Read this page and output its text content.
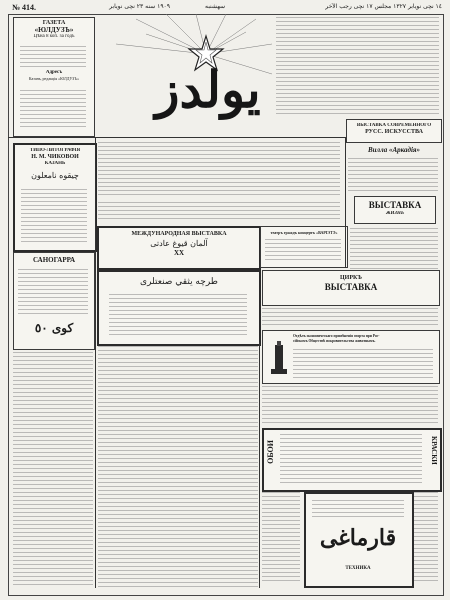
№ 414.	١٩٠٩ سنه ٢٣ نچی نويابر	سهشنبه	١٤ نچی نويابر ١٣٢٧ مجلس ١٧ نچی رجب الآخر
ГАЗЕТА
«ЮЛДУЗЪ»
Цѣна 8 коп. за годъ
Адресъ
Казань, редакція «ЮЛДУЗЪ» يولدز
ВЫСТАВКА СОВРЕМЕННОГО
РУСС. ИСКУССТВА
ТИПО-ЛИТОГРАФІЯ
Н. М. ЧИКОВОЙ
КАЗАНЬ
چیقوه نامعلون
Вилла «Аркадія»
ВЫСТАВКА
ЖИЗНЬ
МЕЖДУНАРОДНАЯ ВЫСТАВКА
آلمان قيوغ عادتی
ХХ
театръ граждъ концертъ «ВАРІЭТЭ»
САНОГАРРА
کوی ٥٠
طرچه يثقي صنعتلری	ЦИРКЪ
ВЫСТАВКА
Отдѣлъ экономическаго примѣненія спорта при Рос-
сійскомъ Обществѣ покровительства животнымъ.
ОБОИ	КРАСКИ
قارماغى
ТЕХНИКА
